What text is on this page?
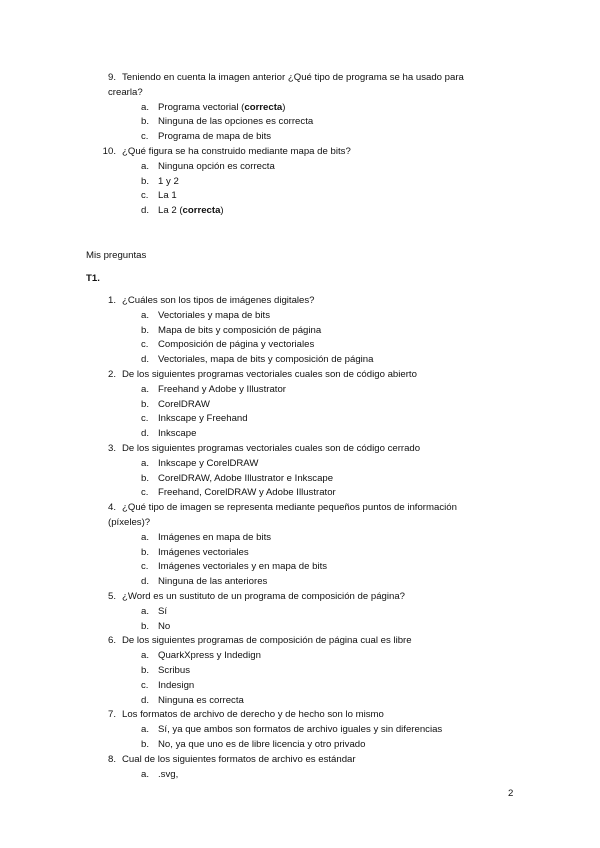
9. Teniendo en cuenta la imagen anterior ¿Qué tipo de programa se ha usado para
crearla?
a. Programa vectorial (correcta)
b. Ninguna de las opciones es correcta
c. Programa de mapa de bits
10. ¿Qué figura se ha construido mediante mapa de bits?
a. Ninguna opción es correcta
b. 1 y 2
c. La 1
d. La 2 (correcta)
Mis preguntas
T1.
1. ¿Cuáles son los tipos de imágenes digitales?
a. Vectoriales y mapa de bits
b. Mapa de bits y composición de página
c. Composición de página y vectoriales
d. Vectoriales, mapa de bits y composición de página
2. De los siguientes programas vectoriales cuales son de código abierto
a. Freehand y Adobe y Illustrator
b. CorelDRAW
c. Inkscape y Freehand
d. Inkscape
3. De los siguientes programas vectoriales cuales son de código cerrado
a. Inkscape y CorelDRAW
b. CorelDRAW, Adobe Illustrator e Inkscape
c. Freehand, CorelDRAW y Adobe Illustrator
4. ¿Qué tipo de imagen se representa mediante pequeños puntos de información
(píxeles)?
a. Imágenes en mapa de bits
b. Imágenes vectoriales
c. Imágenes vectoriales y en mapa de bits
d. Ninguna de las anteriores
5. ¿Word es un sustituto de un programa de composición de página?
a. Sí
b. No
6. De los siguientes programas de composición de página cual es libre
a. QuarkXpress y Indedign
b. Scribus
c. Indesign
d. Ninguna es correcta
7. Los formatos de archivo de derecho y de hecho son lo mismo
a. Sí, ya que ambos son formatos de archivo iguales y sin diferencias
b. No, ya que uno es de libre licencia y otro privado
8. Cual de los siguientes formatos de archivo es estándar
a. .svg,
2
